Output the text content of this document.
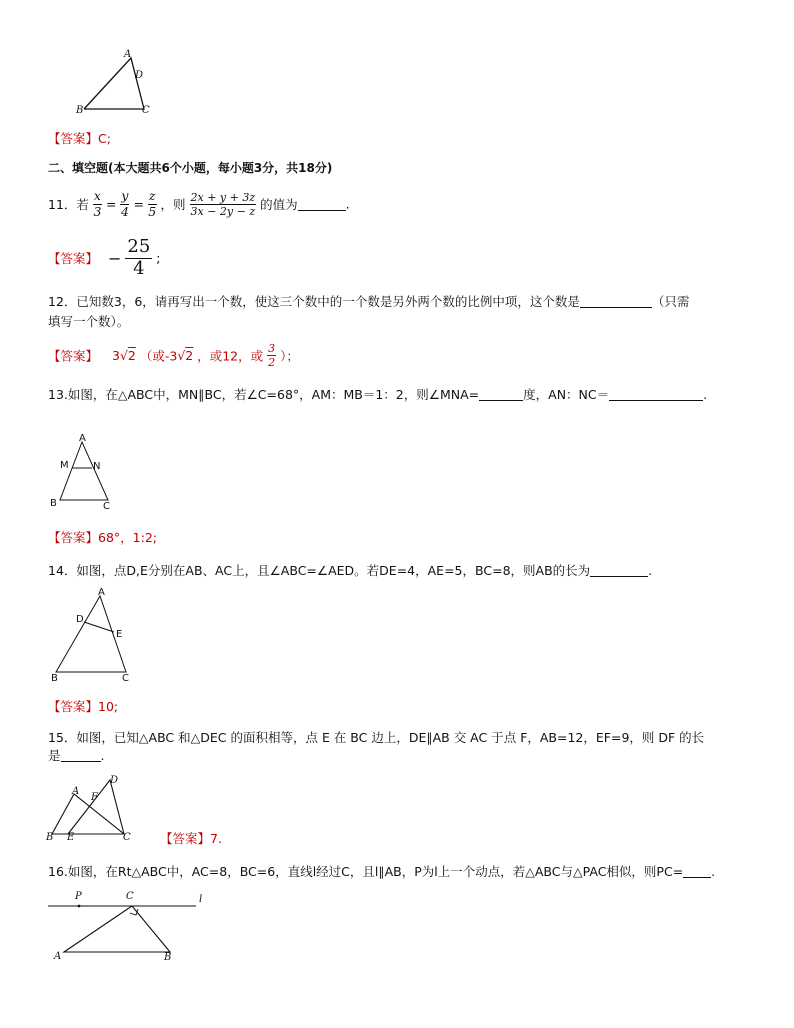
A
D
B	C
【答案】C;
二、填空题(本大题共6个小题，每小题3分，共18分)
11．若 $\frac{x}{3} = \frac{y}{4} = \frac{z}{5}$ ，则 $\frac{2x + y + 3z}{3x - 2y - z}$ 的值为	.
【答案】 − $\frac{25}{4}$ ;
12．已知数3，6，请再写出一个数，使这三个数中的一个数是另外两个数的比例中项，这个数是	（只需
填写一个数）。
【答案】 3√2 （或-3√2 ，或12，或 $\frac{3}{2}$ ）；
13.如图，在△ABC中，MN∥BC，若∠C=68°，AM：MB＝1：2，则∠MNA=	度，AN：NC＝	.
A
M N
B	C
【答案】68°，1:2;
14．如图，点D,E分别在AB、AC上，且∠ABC=∠AED。若DE=4，AE=5，BC=8，则AB的长为	.
A
D
E
B	C
【答案】10;
15．如图，已知△ABC 和△DEC 的面积相等，点 E 在 BC 边上，DE∥AB 交 AC 于点 F，AB=12，EF=9，则 DF 的长
是	.
A
F
D
B E	C 【答案】7.
16.如图，在Rt△ABC中，AC=8，BC=6，直线l经过C，且l∥AB，P为l上一个动点，若△ABC与△PAC相似，则PC= .
P	C	l
A	B
